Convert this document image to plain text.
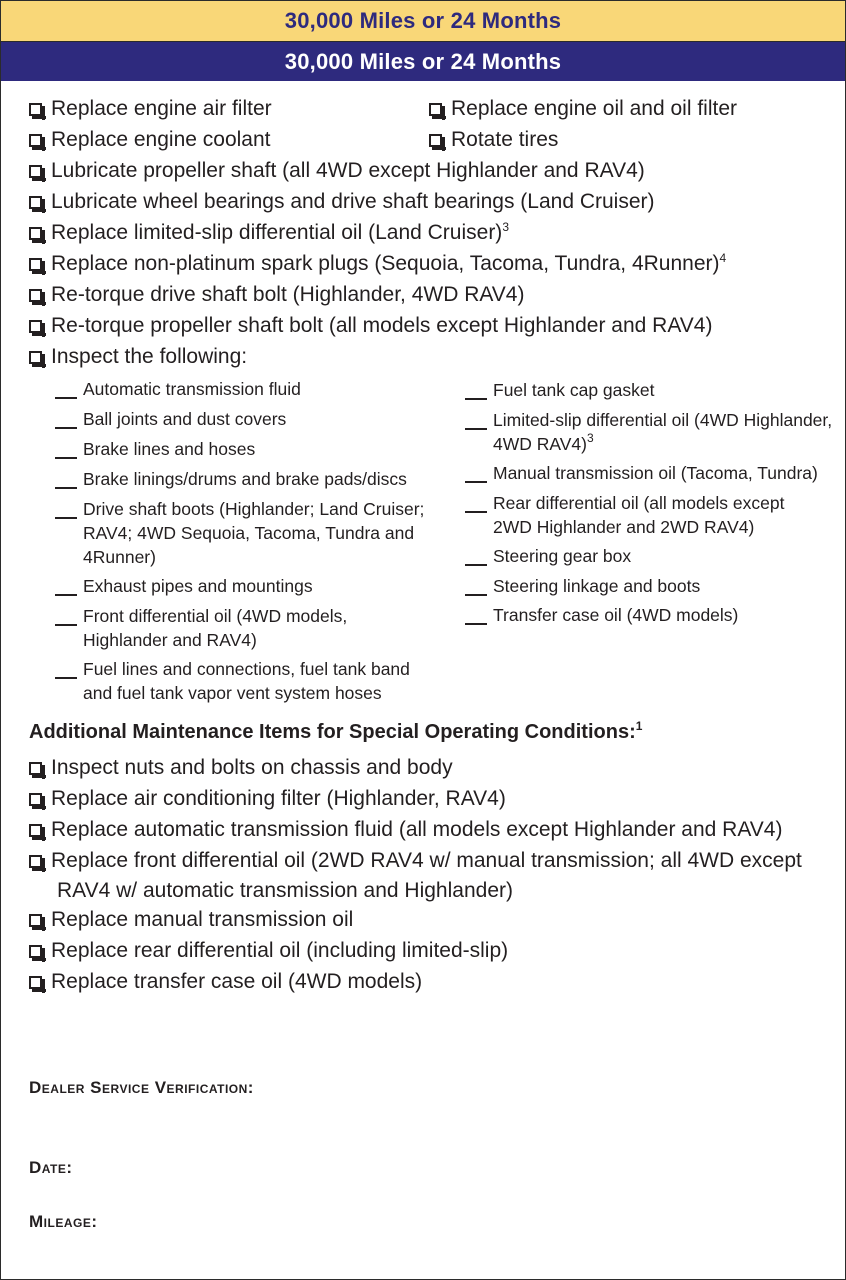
30,000 Miles or 24 Months
30,000 Miles or 24 Months
Replace engine air filter	Replace engine oil and oil filter
Replace engine coolant	Rotate tires
Lubricate propeller shaft (all 4WD except Highlander and RAV4)
Lubricate wheel bearings and drive shaft bearings (Land Cruiser)
Replace limited-slip differential oil (Land Cruiser)$^3$
Replace non-platinum spark plugs (Sequoia, Tacoma, Tundra, 4Runner)$^4$
Re-torque drive shaft bolt (Highlander, 4WD RAV4)
Re-torque propeller shaft bolt (all models except Highlander and RAV4)
Inspect the following:
Automatic transmission fluid
Ball joints and dust covers
Brake lines and hoses
Brake linings/drums and brake pads/discs
Drive shaft boots (Highlander; Land Cruiser; RAV4; 4WD Sequoia, Tacoma, Tundra and 4Runner)
Exhaust pipes and mountings
Front differential oil (4WD models, Highlander and RAV4)
Fuel lines and connections, fuel tank band and fuel tank vapor vent system hoses
Fuel tank cap gasket
Limited-slip differential oil (4WD Highlander, 4WD RAV4)$^3$
Manual transmission oil (Tacoma, Tundra)
Rear differential oil (all models except 2WD Highlander and 2WD RAV4)
Steering gear box
Steering linkage and boots
Transfer case oil (4WD models)
Additional Maintenance Items for Special Operating Conditions:$^1$
Inspect nuts and bolts on chassis and body
Replace air conditioning filter (Highlander, RAV4)
Replace automatic transmission fluid (all models except Highlander and RAV4)
Replace front differential oil (2WD RAV4 w/ manual transmission; all 4WD except RAV4 w/ automatic transmission and Highlander)
Replace manual transmission oil
Replace rear differential oil (including limited-slip)
Replace transfer case oil (4WD models)
Dealer Service Verification:
Date:
Mileage:
